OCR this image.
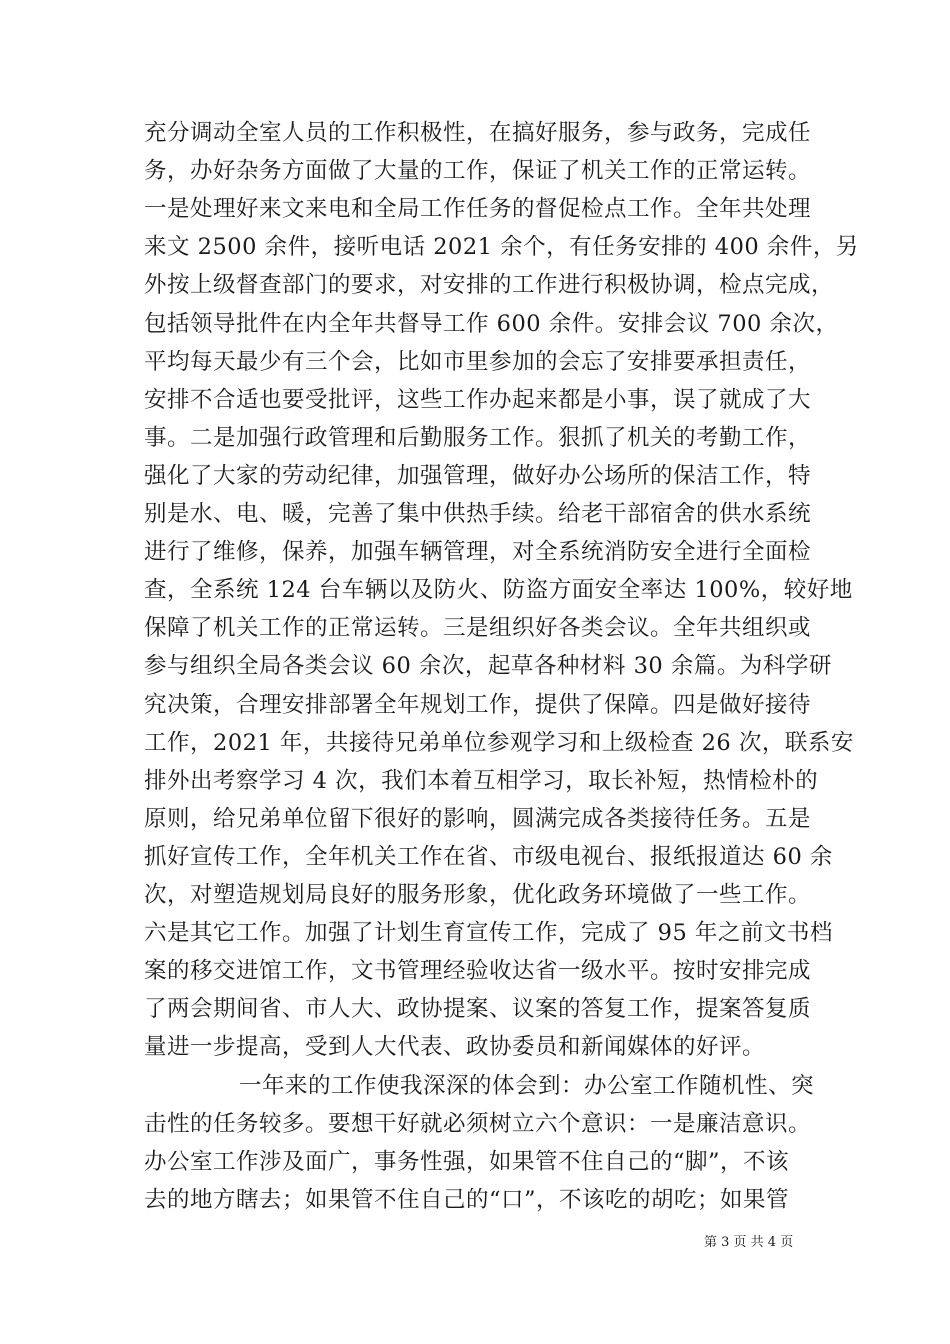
充分调动全室人员的工作积极性，在搞好服务，参与政务，完成任
务，办好杂务方面做了大量的工作，保证了机关工作的正常运转。
一是处理好来文来电和全局工作任务的督促检点工作。全年共处理
来文 2500 余件，接听电话 2021 余个，有任务安排的 400 余件，另
外按上级督查部门的要求，对安排的工作进行积极协调，检点完成，
包括领导批件在内全年共督导工作 600 余件。安排会议 700 余次，
平均每天最少有三个会，比如市里参加的会忘了安排要承担责任，
安排不合适也要受批评，这些工作办起来都是小事，误了就成了大
事。二是加强行政管理和后勤服务工作。狠抓了机关的考勤工作，
强化了大家的劳动纪律，加强管理，做好办公场所的保洁工作，特
别是水、电、暖，完善了集中供热手续。给老干部宿舍的供水系统
进行了维修，保养，加强车辆管理，对全系统消防安全进行全面检
查，全系统 124 台车辆以及防火、防盗方面安全率达 100%，较好地
保障了机关工作的正常运转。三是组织好各类会议。全年共组织或
参与组织全局各类会议 60 余次，起草各种材料 30 余篇。为科学研
究决策，合理安排部署全年规划工作，提供了保障。四是做好接待
工作，2021 年，共接待兄弟单位参观学习和上级检查 26 次，联系安
排外出考察学习 4 次，我们本着互相学习，取长补短，热情检朴的
原则，给兄弟单位留下很好的影响，圆满完成各类接待任务。五是
抓好宣传工作，全年机关工作在省、市级电视台、报纸报道达 60 余
次，对塑造规划局良好的服务形象，优化政务环境做了一些工作。
六是其它工作。加强了计划生育宣传工作，完成了 95 年之前文书档
案的移交进馆工作，文书管理经验收达省一级水平。按时安排完成
了两会期间省、市人大、政协提案、议案的答复工作，提案答复质
量进一步提高，受到人大代表、政协委员和新闻媒体的好评。
一年来的工作使我深深的体会到：办公室工作随机性、突
击性的任务较多。要想干好就必须树立六个意识：一是廉洁意识。
办公室工作涉及面广，事务性强，如果管不住自己的“脚”，不该
去的地方瞎去；如果管不住自己的“口”，不该吃的胡吃；如果管
第 3 页 共 4 页
